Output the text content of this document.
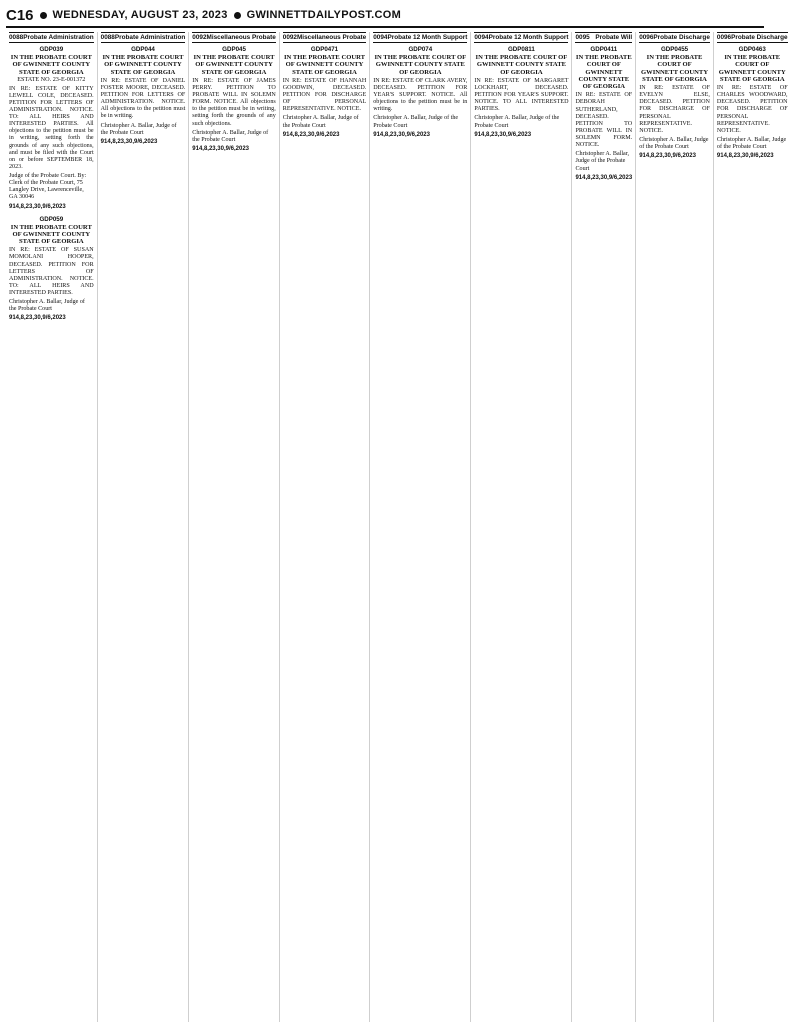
C16 WEDNESDAY, AUGUST 23, 2023 GWINNETTDAILYPOST.COM
0088 Probate Administration
GDP039
IN THE PROBATE COURT OF GWINNETT COUNTY STATE OF GEORGIA
ESTATE NO. 23-E-001372
IN RE: ESTATE OF KITTY LEWELL COLE, DECEASED. PETITION FOR LETTERS OF ADMINISTRATION. NOTICE. TO: ALL HEIRS AND INTERESTED PARTIES. All objections to the petition must be in writing, setting forth the grounds of any such objections, and must be filed with the Court on or before SEPTEMBER 18, 2023.
Judge of the Probate Court. By: Clerk of the Probate Court, 75 Langley Drive, Lawrenceville, GA 30046
914,8,23,30,9/6,2023
GDP059
IN THE PROBATE COURT OF GWINNETT COUNTY STATE OF GEORGIA
IN RE: ESTATE OF SUSAN MOMOLANI HOOPER, DECEASED. PETITION FOR LETTERS OF ADMINISTRATION. NOTICE. TO: ALL HEIRS AND INTERESTED PARTIES.
Christopher A. Ballar, Judge of the Probate Court
914,8,23,30,9/6,2023
0088 Probate Administration
GDP044
IN THE PROBATE COURT OF GWINNETT COUNTY STATE OF GEORGIA
IN RE: ESTATE OF DANIEL FOSTER MOORE, DECEASED. PETITION FOR LETTERS OF ADMINISTRATION. NOTICE. All objections to the petition must be in writing.
Christopher A. Ballar, Judge of the Probate Court
914,8,23,30,9/6,2023
0092 Miscellaneous Probate
GDP045
IN THE PROBATE COURT OF GWINNETT COUNTY STATE OF GEORGIA
IN RE: ESTATE OF JAMES PERRY. PETITION TO PROBATE WILL IN SOLEMN FORM. NOTICE. All objections to the petition must be in writing, setting forth the grounds of any such objections.
Christopher A. Ballar, Judge of the Probate Court
914,8,23,30,9/6,2023
0092 Miscellaneous Probate
GDP0471
IN THE PROBATE COURT OF GWINNETT COUNTY STATE OF GEORGIA
IN RE: ESTATE OF HANNAH GOODWIN, DECEASED. PETITION FOR DISCHARGE OF PERSONAL REPRESENTATIVE. NOTICE.
Christopher A. Ballar, Judge of the Probate Court
914,8,23,30,9/6,2023
0094 Probate 12 Month Support
GDP074
IN THE PROBATE COURT OF GWINNETT COUNTY STATE OF GEORGIA
IN RE: ESTATE OF CLARK AVERY, DECEASED. PETITION FOR YEAR'S SUPPORT. NOTICE. All objections to the petition must be in writing.
Christopher A. Ballar, Judge of the Probate Court
914,8,23,30,9/6,2023
0094 Probate 12 Month Support
GDP0811
IN THE PROBATE COURT OF GWINNETT COUNTY STATE OF GEORGIA
IN RE: ESTATE OF MARGARET LOCKHART, DECEASED. PETITION FOR YEAR'S SUPPORT. NOTICE. TO ALL INTERESTED PARTIES.
Christopher A. Ballar, Judge of the Probate Court
914,8,23,30,9/6,2023
0095 Probate Will
GDP0411
IN THE PROBATE COURT OF GWINNETT COUNTY STATE OF GEORGIA
IN RE: ESTATE OF DEBORAH SUTHERLAND, DECEASED. PETITION TO PROBATE WILL IN SOLEMN FORM. NOTICE.
Christopher A. Ballar, Judge of the Probate Court
914,8,23,30,9/6,2023
0096 Probate Discharge
GDP0455
IN THE PROBATE COURT OF GWINNETT COUNTY STATE OF GEORGIA
IN RE: ESTATE OF EVELYN ELSE, DECEASED. PETITION FOR DISCHARGE OF PERSONAL REPRESENTATIVE. NOTICE.
Christopher A. Ballar, Judge of the Probate Court
914,8,23,30,9/6,2023
0096 Probate Discharge
GDP0463
IN THE PROBATE COURT OF GWINNETT COUNTY STATE OF GEORGIA
IN RE: ESTATE OF CHARLES WOODWARD, DECEASED. PETITION FOR DISCHARGE OF PERSONAL REPRESENTATIVE. NOTICE.
Christopher A. Ballar, Judge of the Probate Court
914,8,23,30,9/6,2023
